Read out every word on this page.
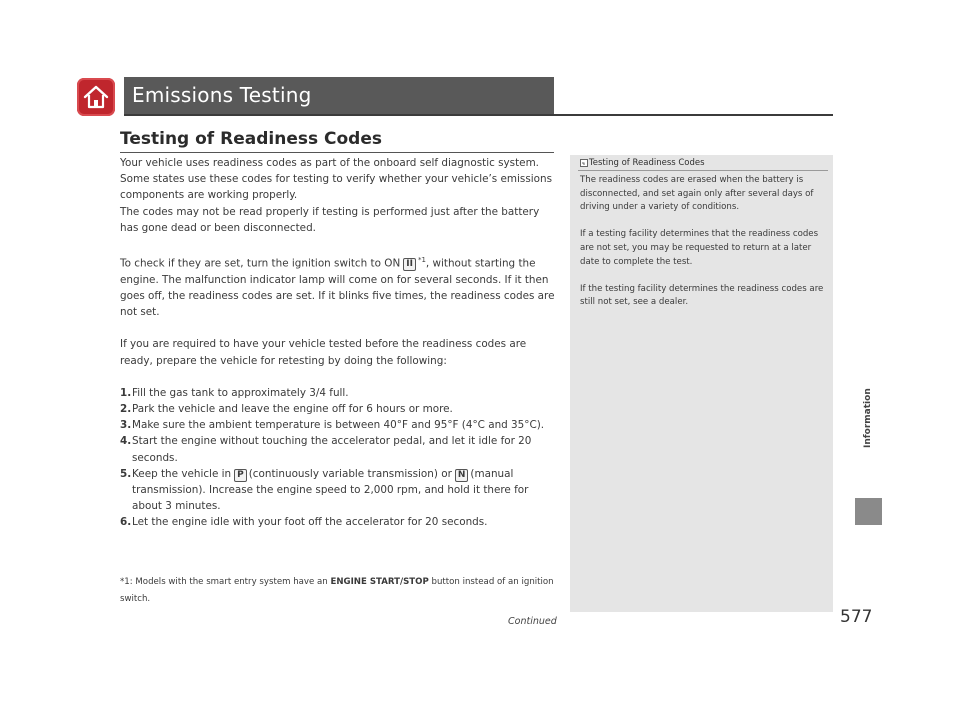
Emissions Testing
Testing of Readiness Codes

Your vehicle uses readiness codes as part of the onboard self diagnostic system. Some states use these codes for testing to verify whether your vehicle’s emissions components are working properly.

The codes may not be read properly if testing is performed just after the battery has gone dead or been disconnected.

To check if they are set, turn the ignition switch to ON II $^{*1}$, without starting the engine. The malfunction indicator lamp will come on for several seconds. If it then goes off, the readiness codes are set. If it blinks five times, the readiness codes are not set.

If you are required to have your vehicle tested before the readiness codes are ready, prepare the vehicle for retesting by doing the following:

1. Fill the gas tank to approximately 3/4 full.
2. Park the vehicle and leave the engine off for 6 hours or more.
3. Make sure the ambient temperature is between 40°F and 95°F (4°C and 35°C).
4. Start the engine without touching the accelerator pedal, and let it idle for 20 seconds.
5. Keep the vehicle in P (continuously variable transmission) or N (manual transmission). Increase the engine speed to 2,000 rpm, and hold it there for about 3 minutes.
6. Let the engine idle with your foot off the accelerator for 20 seconds.
*1: Models with the smart entry system have an ENGINE START/STOP button instead of an ignition switch.
Testing of Readiness Codes

The readiness codes are erased when the battery is disconnected, and set again only after several days of driving under a variety of conditions.

If a testing facility determines that the readiness codes are not set, you may be requested to return at a later date to complete the test.

If the testing facility determines the readiness codes are still not set, see a dealer.

Continued	577
Information
